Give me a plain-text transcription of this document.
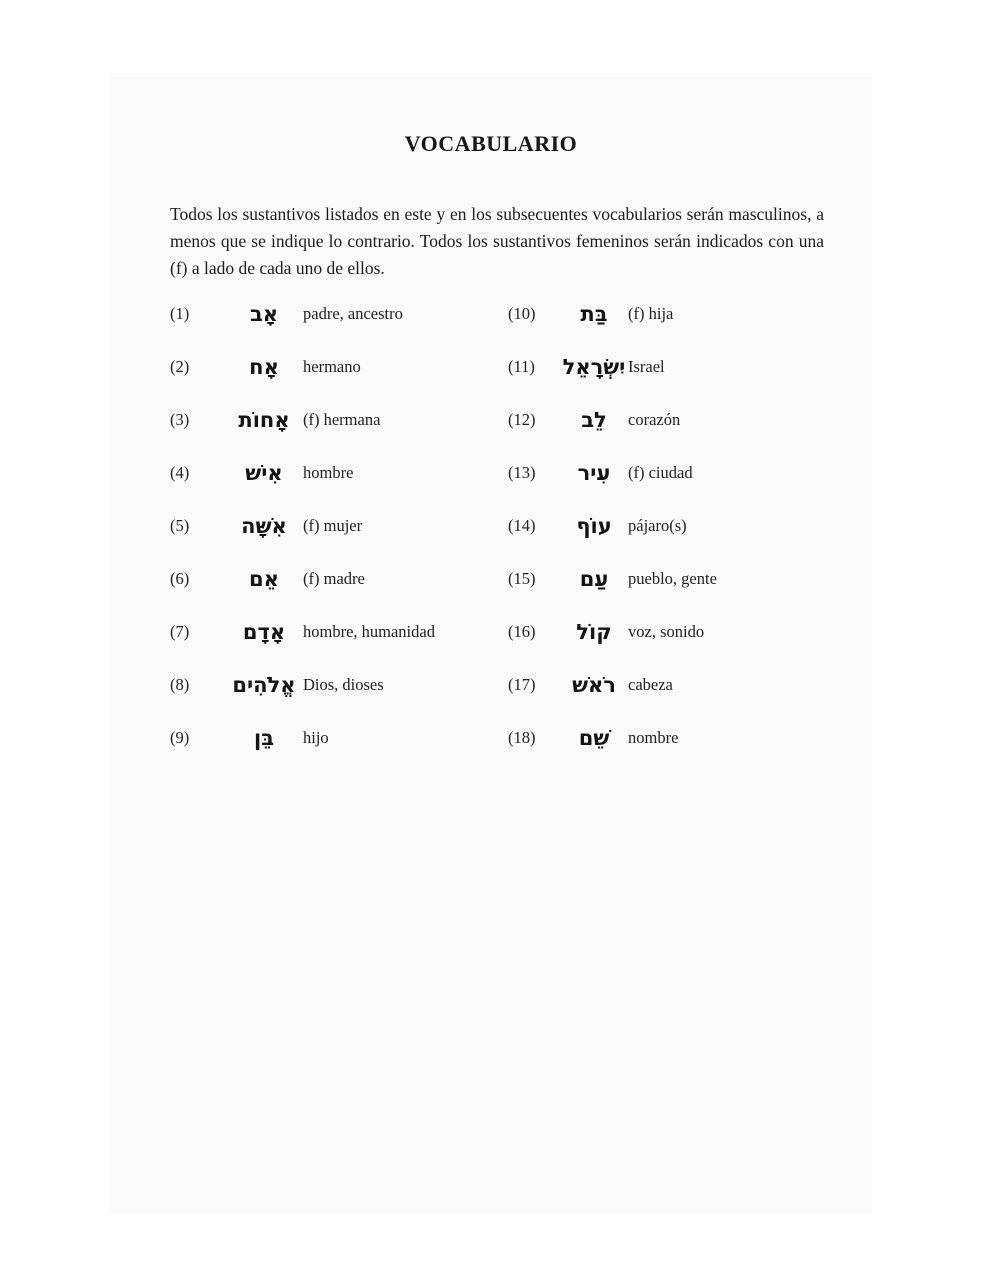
VOCABULARIO

Todos los sustantivos listados en este y en los subsecuentes vocabularios serán masculinos, a menos que se indique lo contrario. Todos los sustantivos femeninos serán indicados con una (f) a lado de cada uno de ellos.

(1)	אָב	padre, ancestro
(2)	אָח	hermano
(3)	אָחוֹת (f) hermana
(4)	אִישׁ	hombre
(5)	אִשָּׁה (f) mujer
(6)	אֵם	(f) madre
(7)	אָדָם	hombre, humanidad
(8)	אֱלֹהִים Dios, dioses
(9)	בֵּן	hijo
(10)	בַּת	(f) hija
(11)	יִשְׂרָאֵל Israel
(12)	לֵב	corazón
(13)	עִיר	(f) ciudad
(14)	עוֹף pájaro(s)
(15)	עַם	pueblo, gente
(16)	קוֹל voz, sonido
(17)	רֹאשׁ cabeza
(18)	שֵׁם	nombre
